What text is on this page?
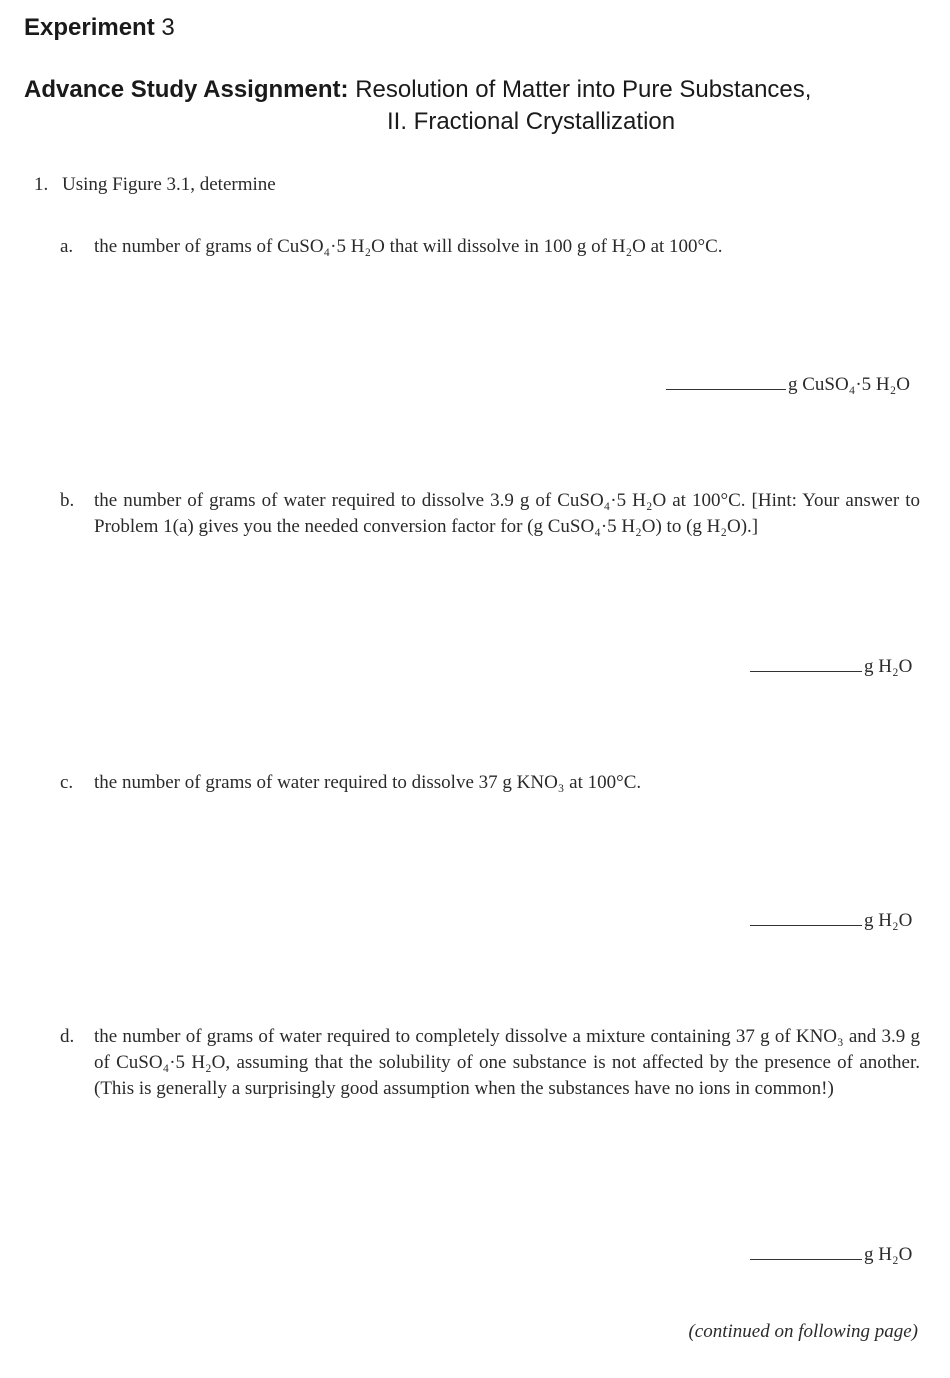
Experiment 3
Advance Study Assignment: Resolution of Matter into Pure Substances,
II. Fractional Crystallization
1. Using Figure 3.1, determine
a. the number of grams of CuSO₄·5 H₂O that will dissolve in 100 g of H₂O at 100°C.
g CuSO₄·5 H₂O
b. the number of grams of water required to dissolve 3.9 g of CuSO₄·5 H₂O at 100°C. [Hint: Your answer to Problem 1(a) gives you the needed conversion factor for (g CuSO₄·5 H₂O) to (g H₂O).]
g H₂O
c. the number of grams of water required to dissolve 37 g KNO₃ at 100°C.
g H₂O
d. the number of grams of water required to completely dissolve a mixture containing 37 g of KNO₃ and 3.9 g of CuSO₄·5 H₂O, assuming that the solubility of one substance is not affected by the presence of another. (This is generally a surprisingly good assumption when the substances have no ions in common!)
g H₂O
(continued on following page)
